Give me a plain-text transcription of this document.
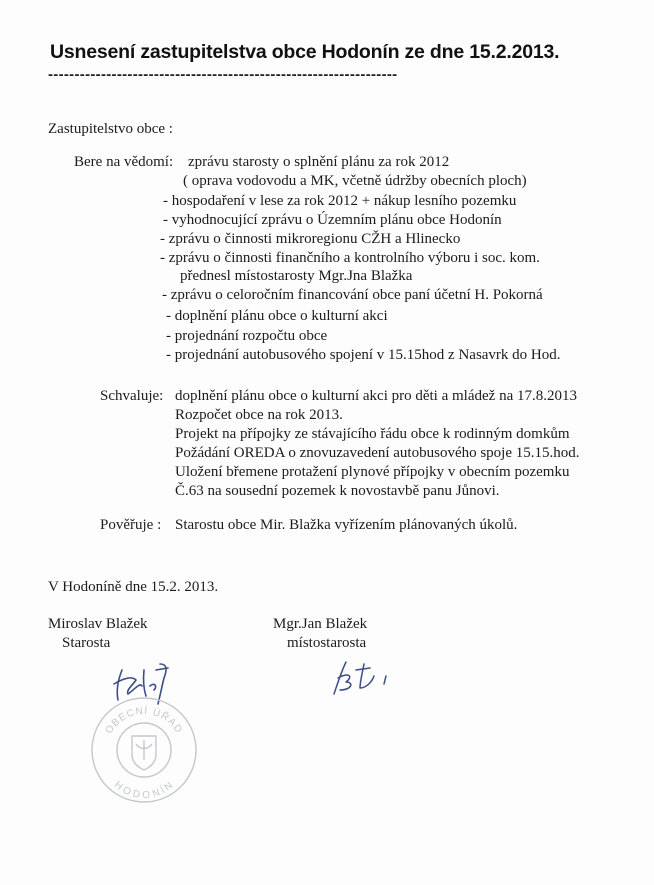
Usnesení zastupitelstva obce Hodonín ze dne 15.2.2013.
------------------------------------------------------------------
Zastupitelstvo obce :
Bere na vědomí: zprávu starosty o splnění plánu za rok 2012
( oprava vodovodu a MK, včetně údržby obecních ploch)
- hospodaření v lese za rok 2012 + nákup lesního pozemku
- vyhodnocující zprávu o Územním plánu obce Hodonín
- zprávu o činnosti mikroregionu CŽH a Hlinecko
- zprávu o činnosti finančního a kontrolního výboru i soc. kom.
přednesl místostarosty Mgr.Jna Blažka
- zprávu o celoročním financování obce paní účetní H. Pokorná
- doplnění plánu obce o kulturní akci
- projednání rozpočtu obce
- projednání autobusového spojení v 15.15hod z Nasavrk do Hod.
Schvaluje: doplnění plánu obce o kulturní akci pro děti a mládež na 17.8.2013
Rozpočet obce na rok 2013.
Projekt na přípojky ze stávajícího řádu obce k rodinným domkům
Požádání OREDA o znovuzavedení autobusového spoje 15.15.hod.
Uložení břemene protažení plynové přípojky v obecním pozemku
Č.63 na sousední pozemek k novostavbě panu Jůnovi.
Pověřuje : Starostu obce Mir. Blažka vyřízením plánovaných úkolů.
V Hodoníně dne 15.2. 2013.
Miroslav Blažek
Starosta
Mgr.Jan Blažek
místostarosta
OBECNÍ ÚŘAD
HODONÍN
